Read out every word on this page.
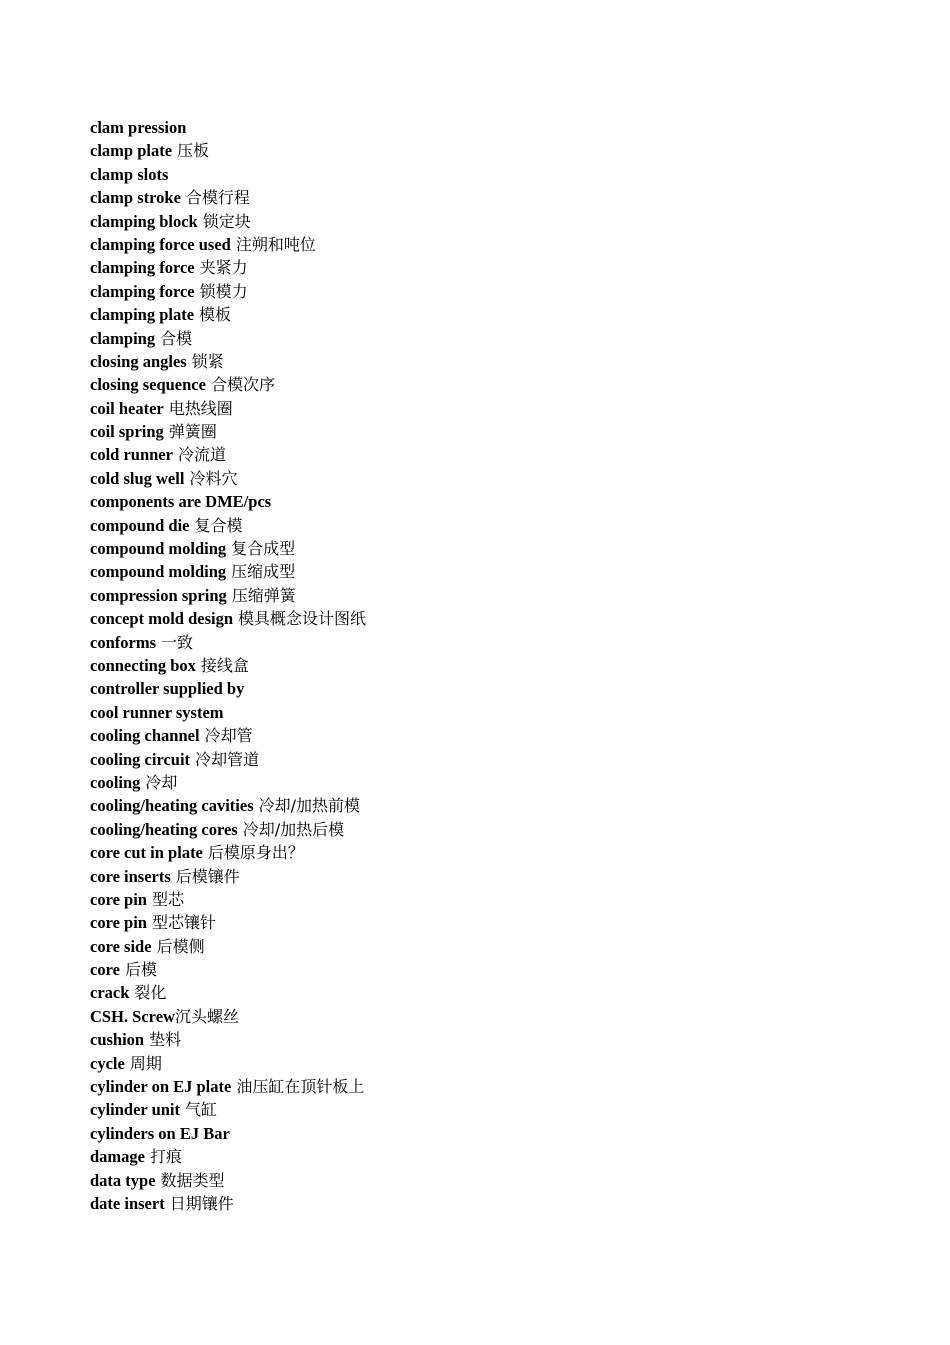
clam pression
clamp plate 压板
clamp slots
clamp stroke 合模行程
clamping block 锁定块
clamping force used 注朔和吨位
clamping force 夹紧力
clamping force 锁模力
clamping plate 模板
clamping 合模
closing angles 锁紧
closing sequence 合模次序
coil heater 电热线圈
coil spring 弹簧圈
cold runner 冷流道
cold slug well 冷料穴
components are DME/pcs
compound die 复合模
compound molding 复合成型
compound molding 压缩成型
compression spring 压缩弹簧
concept mold design 模具概念设计图纸
conforms 一致
connecting box 接线盒
controller supplied by
cool runner system
cooling channel 冷却管
cooling circuit 冷却管道
cooling 冷却
cooling/heating cavities 冷却/加热前模
cooling/heating cores 冷却/加热后模
core cut in plate 后模原身出？
core inserts 后模镶件
core pin 型芯
core pin 型芯镶针
core side 后模侧
core 后模
crack 裂化
CSH. Screw沉头螺丝
cushion 垫料
cycle 周期
cylinder on EJ plate 油压缸在顶针板上
cylinder unit 气缸
cylinders on EJ Bar
damage 打痕
data type 数据类型
date insert 日期镶件
